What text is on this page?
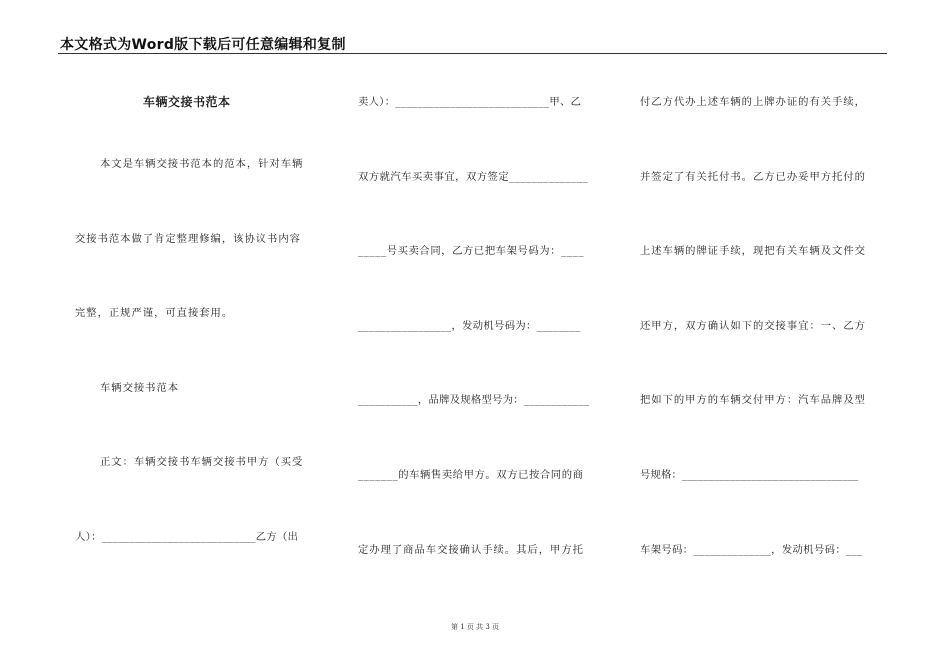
本文格式为Word版下载后可任意编辑和复制
车辆交接书范本
本文是车辆交接书范本的范本，针对车辆
交接书范本做了肯定整理修编，该协议书内容
完整，正规严谨，可直接套用。
车辆交接书范本
正文：车辆交接书车辆交接书甲方（买受
人）：____________________________乙方（出
卖人）：____________________________甲、乙
双方就汽车买卖事宜，双方签定______________
_____号买卖合同，乙方已把车架号码为：____
_________________，发动机号码为：________
___________，品牌及规格型号为：____________
_______的车辆售卖给甲方。双方已按合同的商
定办理了商品车交接确认手续。其后，甲方托
付乙方代办上述车辆的上牌办证的有关手续，
并签定了有关托付书。乙方已办妥甲方托付的
上述车辆的牌证手续，现把有关车辆及文件交
还甲方，双方确认如下的交接事宜：一、乙方
把如下的甲方的车辆交付甲方：汽车品牌及型
号规格：_________________________________
车架号码：______________，发动机号码：___
第 1 页 共 3 页
